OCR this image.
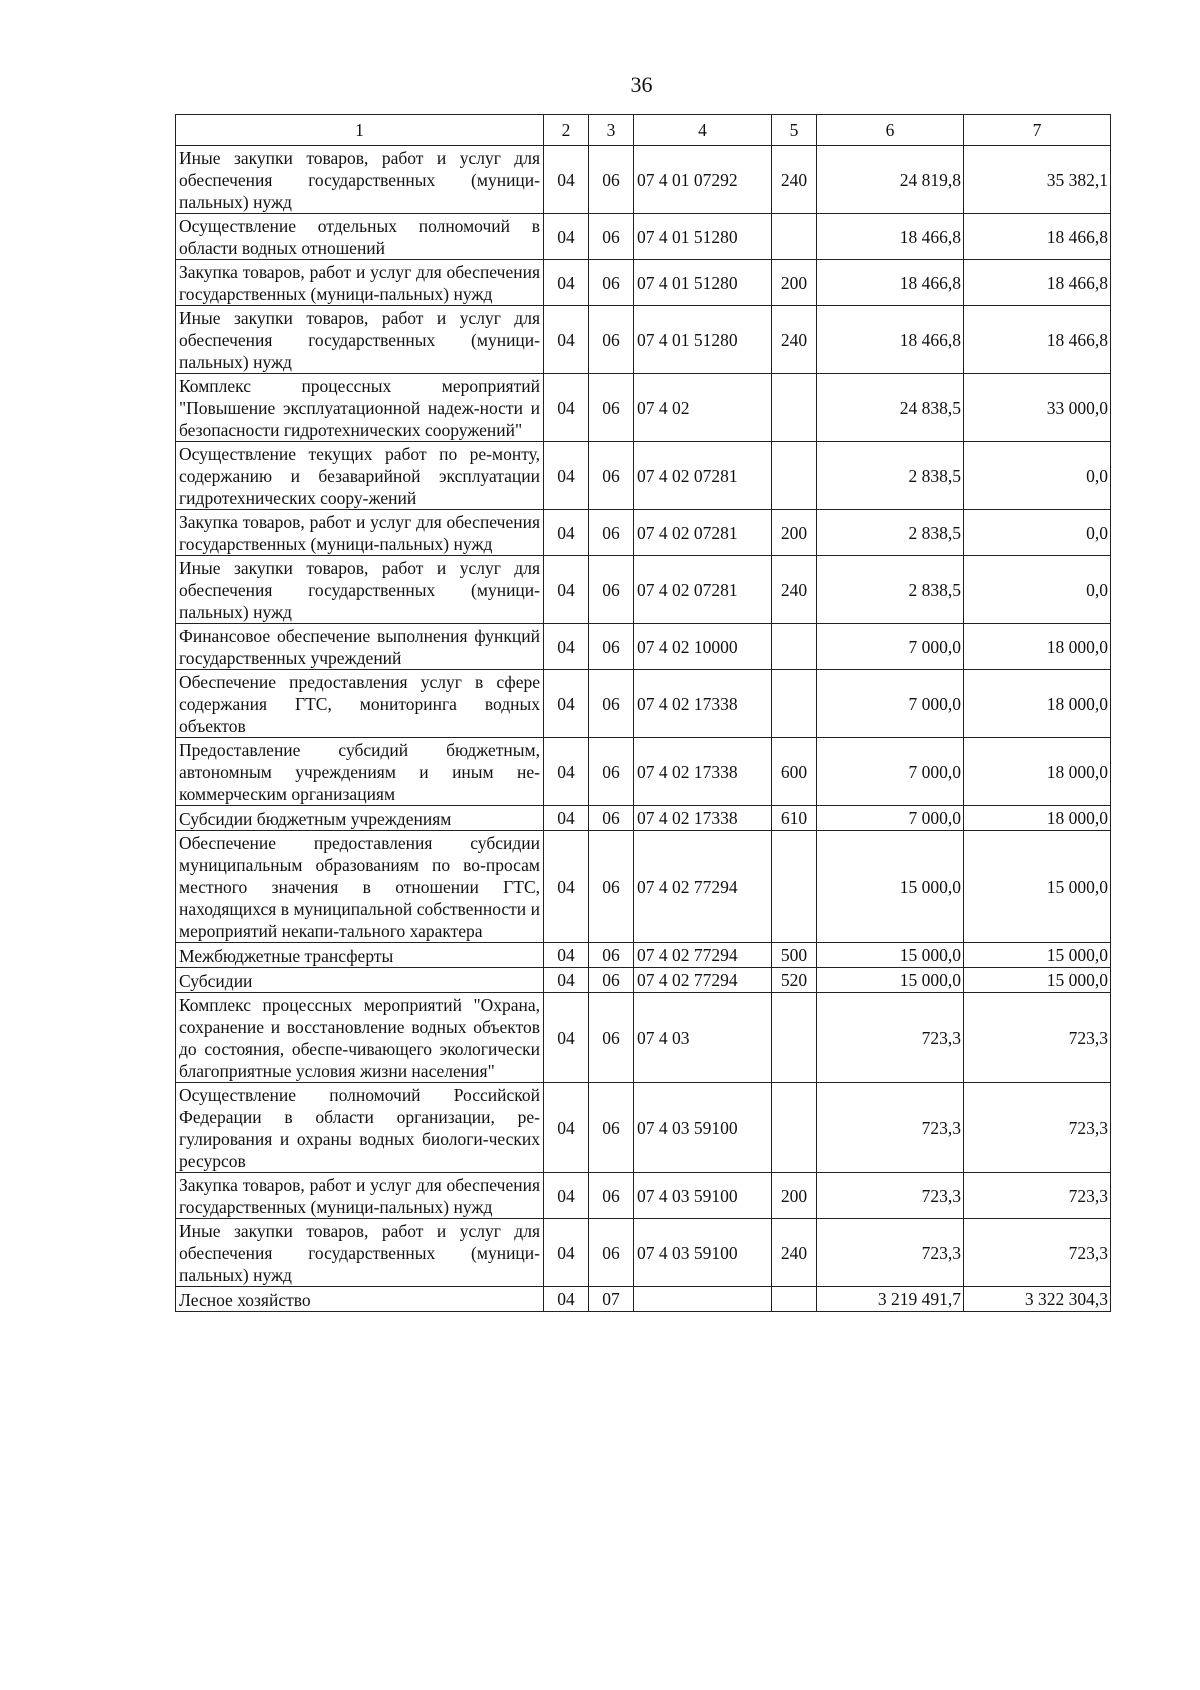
36
1	2	3	4	5	6	7
Иные закупки товаров, работ и услуг для обеспечения государственных (муници-пальных) нужд	04	06	07 4 01 07292	240	24 819,8	35 382,1
Осуществление отдельных полномочий в области водных отношений	04	06	07 4 01 51280		18 466,8	18 466,8
Закупка товаров, работ и услуг для обеспечения государственных (муници-пальных) нужд	04	06	07 4 01 51280	200	18 466,8	18 466,8
Иные закупки товаров, работ и услуг для обеспечения государственных (муници-пальных) нужд	04	06	07 4 01 51280	240	18 466,8	18 466,8
Комплекс процессных мероприятий "Повышение эксплуатационной надеж-ности и безопасности гидротехнических сооружений"	04	06	07 4 02		24 838,5	33 000,0
Осуществление текущих работ по ре-монту, содержанию и безаварийной эксплуатации гидротехнических соору-жений	04	06	07 4 02 07281		2 838,5	0,0
Закупка товаров, работ и услуг для обеспечения государственных (муници-пальных) нужд	04	06	07 4 02 07281	200	2 838,5	0,0
Иные закупки товаров, работ и услуг для обеспечения государственных (муници-пальных) нужд	04	06	07 4 02 07281	240	2 838,5	0,0
Финансовое обеспечение выполнения функций государственных учреждений	04	06	07 4 02 10000		7 000,0	18 000,0
Обеспечение предоставления услуг в сфере содержания ГТС, мониторинга водных объектов	04	06	07 4 02 17338		7 000,0	18 000,0
Предоставление субсидий бюджетным, автономным учреждениям и иным не-коммерческим организациям	04	06	07 4 02 17338	600	7 000,0	18 000,0
Субсидии бюджетным учреждениям	04	06	07 4 02 17338	610	7 000,0	18 000,0
Обеспечение предоставления субсидии муниципальным образованиям по во-просам местного значения в отношении ГТС, находящихся в муниципальной собственности и мероприятий некапи-тального характера	04	06	07 4 02 77294		15 000,0	15 000,0
Межбюджетные трансферты	04	06	07 4 02 77294	500	15 000,0	15 000,0
Субсидии	04	06	07 4 02 77294	520	15 000,0	15 000,0
Комплекс процессных мероприятий "Охрана, сохранение и восстановление водных объектов до состояния, обеспе-чивающего экологически благоприятные условия жизни населения"	04	06	07 4 03		723,3	723,3
Осуществление полномочий Российской Федерации в области организации, ре-гулирования и охраны водных биологи-ческих ресурсов	04	06	07 4 03 59100		723,3	723,3
Закупка товаров, работ и услуг для обеспечения государственных (муници-пальных) нужд	04	06	07 4 03 59100	200	723,3	723,3
Иные закупки товаров, работ и услуг для обеспечения государственных (муници-пальных) нужд	04	06	07 4 03 59100	240	723,3	723,3
Лесное хозяйство	04	07			3 219 491,7	3 322 304,3
